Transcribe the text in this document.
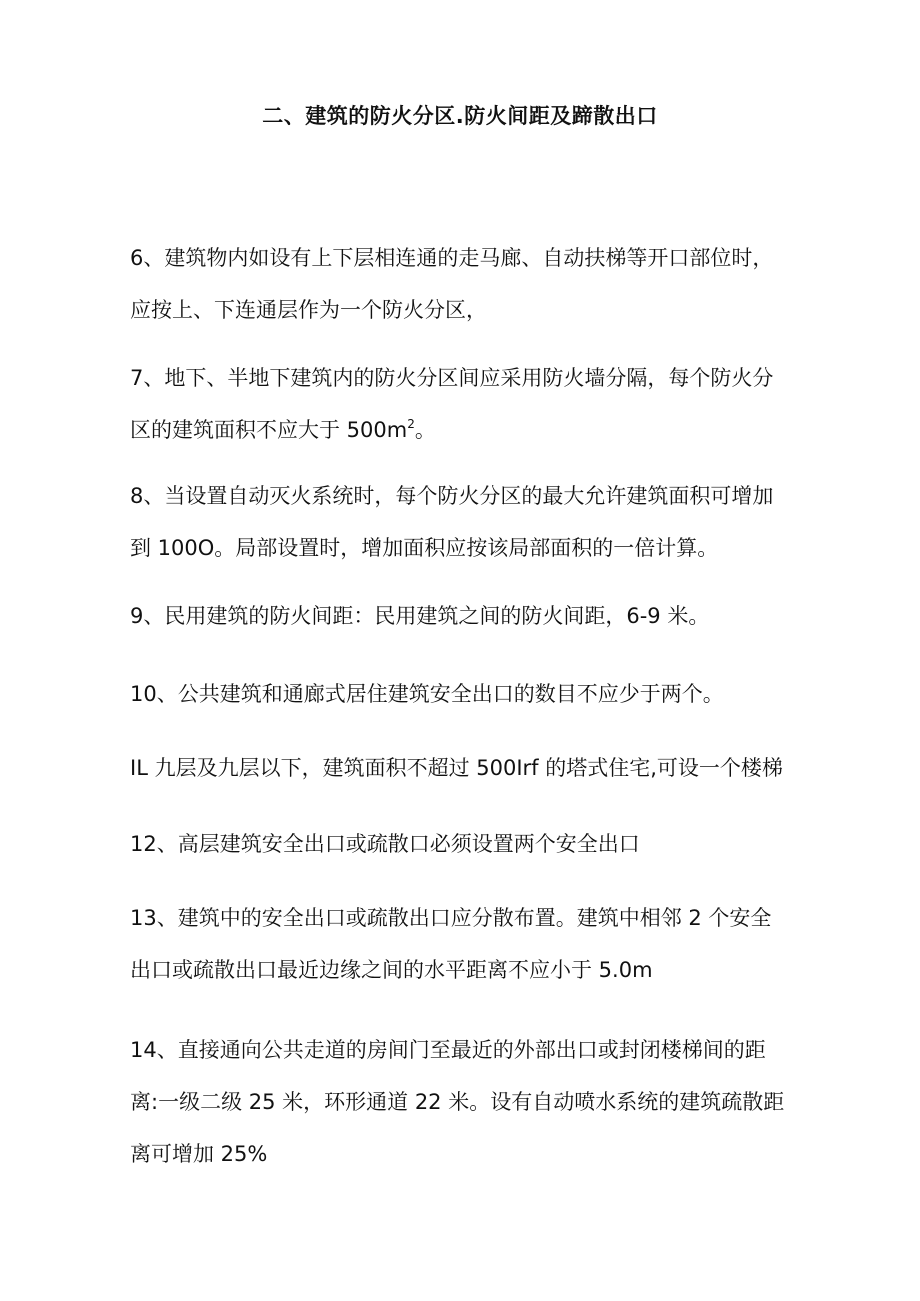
二、建筑的防火分区.防火间距及蹄散出口
6、建筑物内如设有上下层相连通的走马廊、自动扶梯等开口部位时，
应按上、下连通层作为一个防火分区，
7、地下、半地下建筑内的防火分区间应采用防火墙分隔，每个防火分
区的建筑面积不应大于 $500m^2$。
8、当设置自动灭火系统时，每个防火分区的最大允许建筑面积可增加
到 100O。局部设置时，增加面积应按该局部面积的一倍计算。
9、民用建筑的防火间距：民用建筑之间的防火间距，6-9 米。
10、公共建筑和通廊式居住建筑安全出口的数目不应少于两个。
IL 九层及九层以下，建筑面积不超过 500Irf 的塔式住宅,可设一个楼梯
12、高层建筑安全出口或疏散口必须设置两个安全出口
13、建筑中的安全出口或疏散出口应分散布置。建筑中相邻 2 个安全
出口或疏散出口最近边缘之间的水平距离不应小于 5.0m
14、直接通向公共走道的房间门至最近的外部出口或封闭楼梯间的距
离:一级二级 25 米，环形通道 22 米。设有自动喷水系统的建筑疏散距
离可增加 25%
